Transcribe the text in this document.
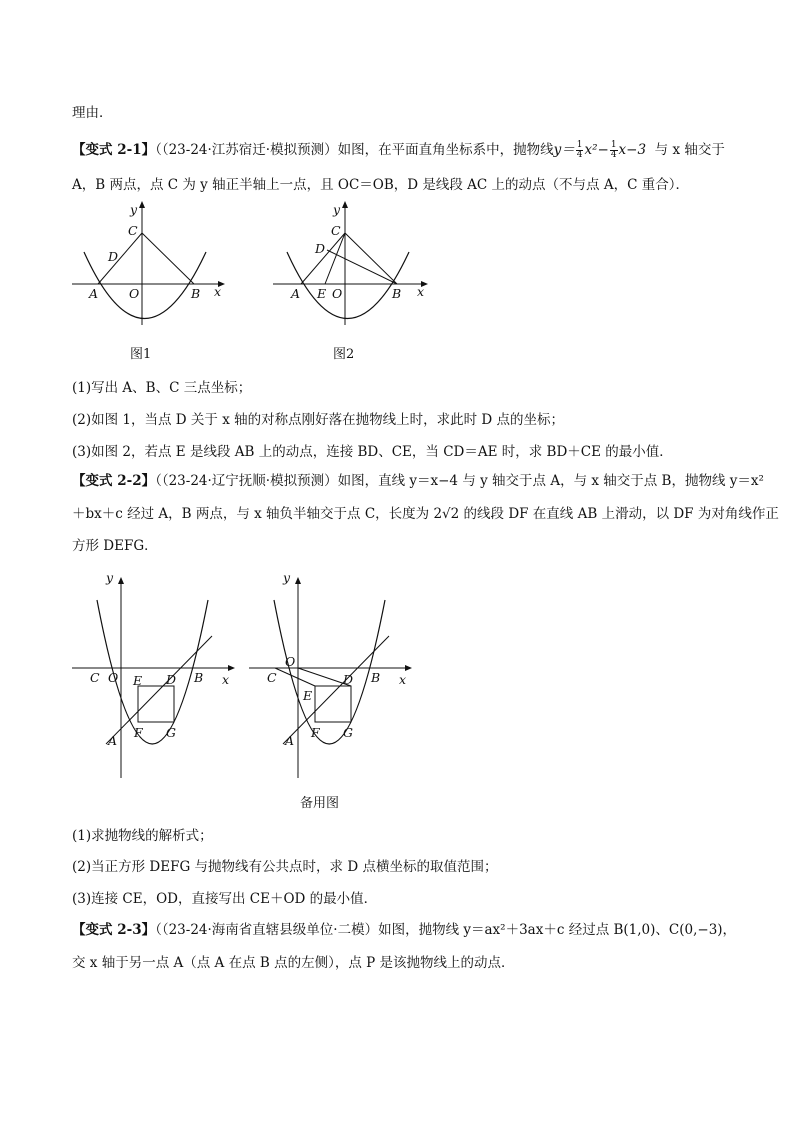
理由．
【变式 2-1】（（23-24·江苏宿迁·模拟预测）如图，在平面直角坐标系中，抛物线$y= \frac{1}{4} x^2- \frac{1}{4} x-3$ 与 x 轴交于
A，B 两点，点 C 为 y 轴正半轴上一点，且 OC＝OB，D 是线段 AC 上的动点（不与点 A，C 重合）．
y
x
C
D
A O	B
图1
y
x
C
D
A E O	B
图2
(1)写出 A、B、C 三点坐标；
(2)如图 1，当点 D 关于 x 轴的对称点刚好落在抛物线上时，求此时 D 点的坐标；
(3)如图 2，若点 E 是线段 AB 上的动点，连接 BD、CE，当 CD＝AE 时，求 BD＋CE 的最小值．
【变式 2-2】（（23-24·辽宁抚顺·模拟预测）如图，直线 y＝x−4 与 y 轴交于点 A，与 x 轴交于点 B，抛物线 y＝x²
＋bx＋c 经过 A，B 两点，与 x 轴负半轴交于点 C，长度为 2√2 的线段 DF 在直线 AB 上滑动，以 DF 为对角线作正
方形 DEFG．
y
x
C O	B
E D
A
F G
y
x
O
C	B
D
E
A
F G
备用图
(1)求抛物线的解析式；
(2)当正方形 DEFG 与抛物线有公共点时，求 D 点横坐标的取值范围；
(3)连接 CE，OD，直接写出 CE＋OD 的最小值．
【变式 2-3】（（23-24·海南省直辖县级单位·二模）如图，抛物线 y＝ax²＋3ax＋c 经过点 B(1,0)、C(0,−3)，
交 x 轴于另一点 A（点 A 在点 B 点的左侧），点 P 是该抛物线上的动点．
